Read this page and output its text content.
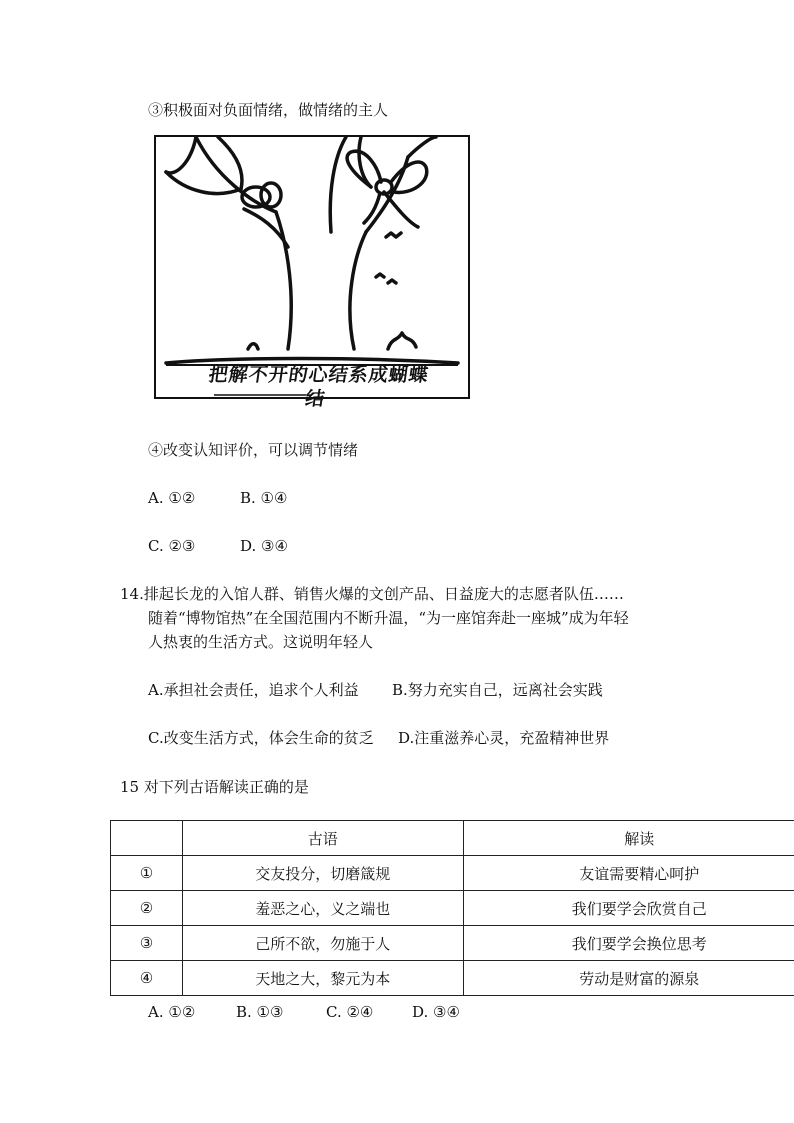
③积极面对负面情绪，做情绪的主人
把解不开的心结系成蝴蝶结
④改变认知评价，可以调节情绪
A. ①②	B. ①④
C. ②③	D. ③④
14.排起长龙的入馆人群、销售火爆的文创产品、日益庞大的志愿者队伍……
随着“博物馆热”在全国范围内不断升温，“为一座馆奔赴一座城”成为年轻
人热衷的生活方式。这说明年轻人
A.承担社会责任，追求个人利益 B.努力充实自己，远离社会实践
C.改变生活方式，体会生命的贫乏 D.注重滋养心灵，充盈精神世界
15 对下列古语解读正确的是
	古语	解读
①	交友投分，切磨箴规	友谊需要精心呵护
②	羞恶之心，义之端也	我们要学会欣赏自己
③	己所不欲，勿施于人	我们要学会换位思考
④	天地之大，黎元为本	劳动是财富的源泉
A. ①②	B. ①③	C. ②④	D. ③④
